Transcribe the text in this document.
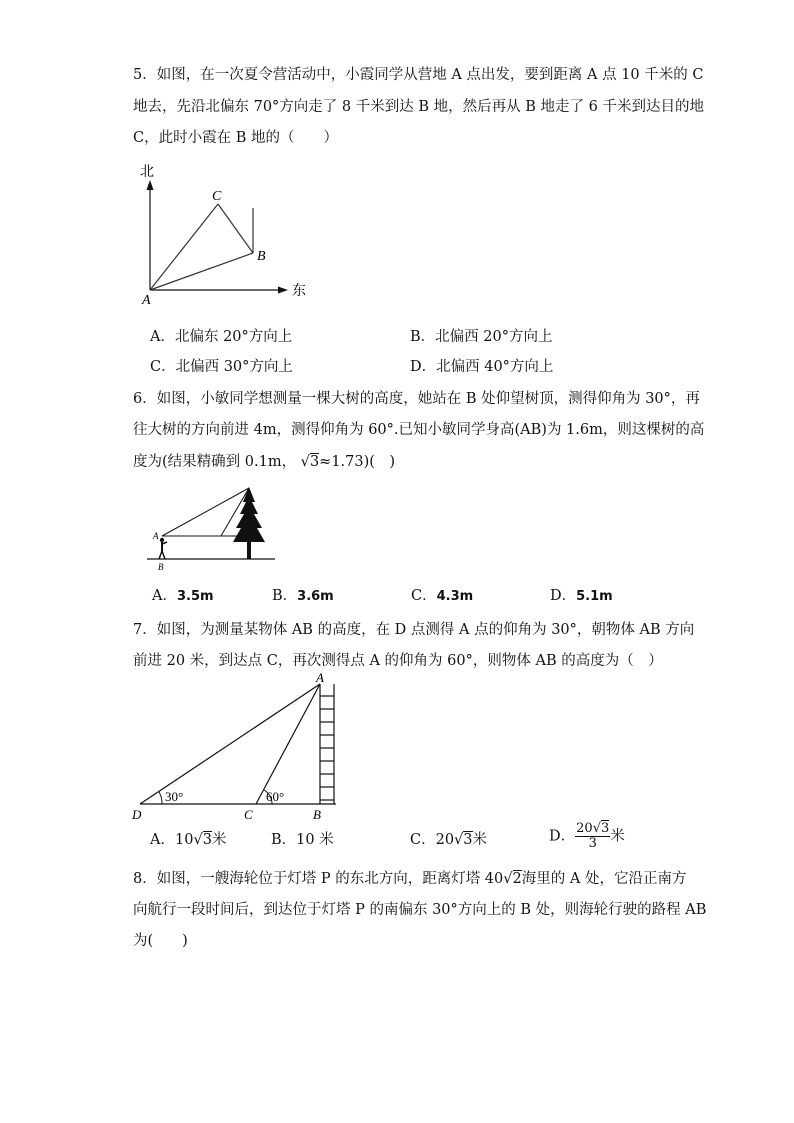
5．如图，在一次夏令营活动中，小霞同学从营地 A 点出发，要到距离 A 点 10 千米的 C
地去，先沿北偏东 70°方向走了 8 千米到达 B 地，然后再从 B 地走了 6 千米到达目的地
C，此时小霞在 B 地的（　　）
北
东
A
B
C
A．北偏东 20°方向上	B．北偏西 20°方向上
C．北偏西 30°方向上	D．北偏西 40°方向上
6．如图，小敏同学想测量一棵大树的高度，她站在 B 处仰望树顶，测得仰角为 30°，再
往大树的方向前进 4m，测得仰角为 60°.已知小敏同学身高(AB)为 1.6m，则这棵树的高
度为(结果精确到 0.1m， √3≈1.73)(　)
A
B
A．3.5m	B．3.6m	C．4.3m	D．5.1m
7．如图，为测量某物体 AB 的高度，在 D 点测得 A 点的仰角为 30°，朝物体 AB 方向
前进 20 米，到达点 C，再次测得点 A 的仰角为 60°，则物体 AB 的高度为（　）
30°	60°
A
B
C
D
A．10√3米	B．10 米	C．20√3米	D． $\frac{20√3}{3}$ 米
8．如图，一艘海轮位于灯塔 P 的东北方向，距离灯塔 40√2海里的 A 处，它沿正南方
向航行一段时间后，到达位于灯塔 P 的南偏东 30°方向上的 B 处，则海轮行驶的路程 AB
为(　　)
